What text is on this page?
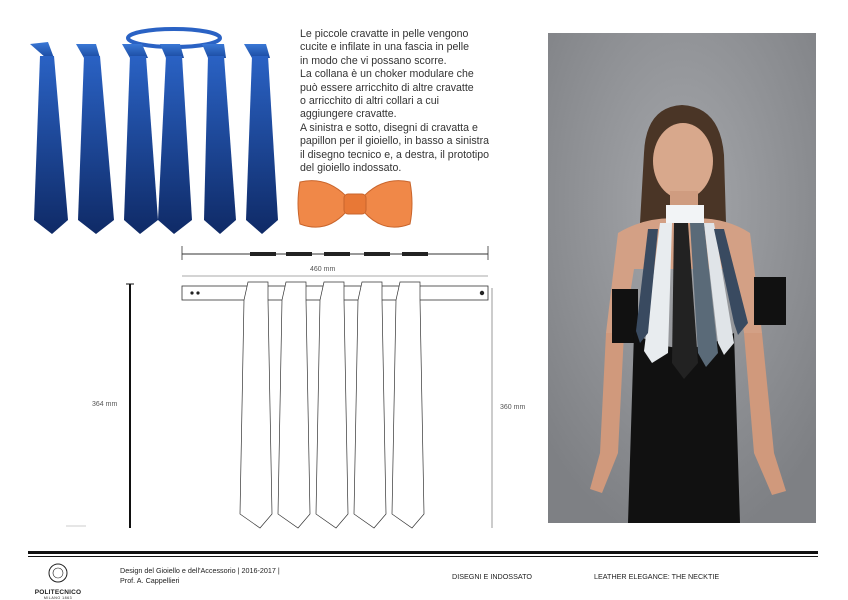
Le piccole cravatte in pelle vengono

cucite e infilate in una fascia in pelle

in modo che vi possano scorre.

La collana è un choker modulare che

può essere arricchito di altre cravatte

o arricchito di altri collari a cui

aggiungere cravatte.

A sinistra e sotto, disegni di cravatta e

papillon per il gioiello, in basso a sinistra

il disegno tecnico e, a destra, il prototipo

del gioiello indossato.

460 mm
364 mm	360 mm
POLITECNICO
MILANO 1863
Design del Gioiello e dell'Accessorio | 2016-2017 |
Prof. A. Cappellieri	DISEGNI E INDOSSATO	LEATHER ELEGANCE: THE NECKTIE
